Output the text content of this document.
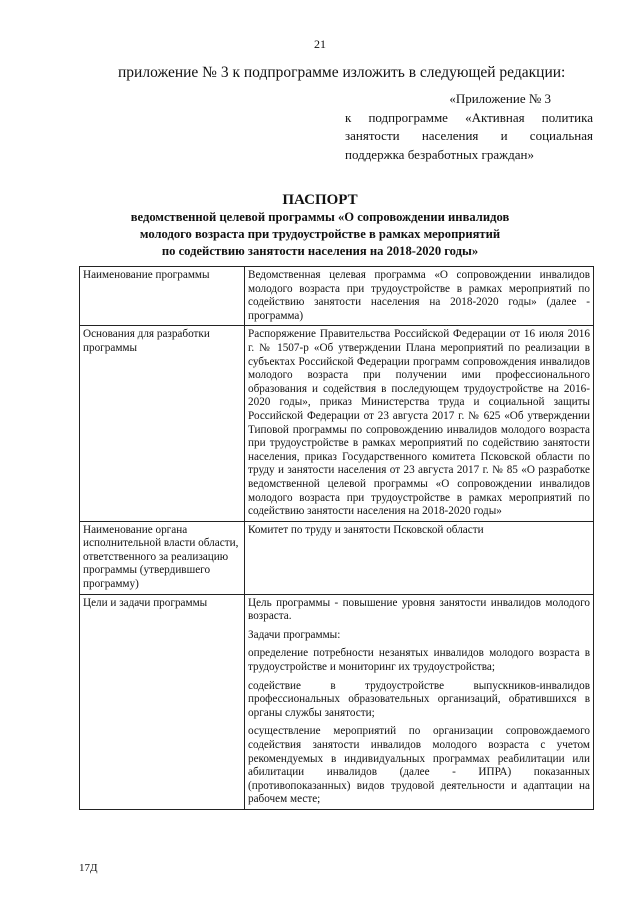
21
приложение № 3 к подпрограмме изложить в следующей редакции:
«Приложение № 3
к подпрограмме «Активная политика
занятости населения и социальная
поддержка безработных граждан»
ПАСПОРТ
ведомственной целевой программы «О сопровождении инвалидов
молодого возраста при трудоустройстве в рамках мероприятий
по содействию занятости населения на 2018-2020 годы»
Наименование программы	Ведомственная целевая программа «О сопровождении инвалидов молодого возраста при трудоустройстве в рамках мероприятий по содействию занятости населения на 2018-2020 годы» (далее - программа)
Основания для разработки программы	Распоряжение Правительства Российской Федерации от 16 июля 2016 г. № 1507-р «Об утверждении Плана мероприятий по реализации в субъектах Российской Федерации программ сопровождения инвалидов молодого возраста при получении ими профессионального образования и содействия в последующем трудоустройстве на 2016-2020 годы», приказ Министерства труда и социальной защиты Российской Федерации от 23 августа 2017 г. № 625 «Об утверждении Типовой программы по сопровождению инвалидов молодого возраста при трудоустройстве в рамках мероприятий по содействию занятости населения, приказ Государственного комитета Псковской области по труду и занятости населения от 23 августа 2017 г. № 85 «О разработке ведомственной целевой программы «О сопровождении инвалидов молодого возраста при трудоустройстве в рамках мероприятий по содействию занятости населения на 2018-2020 годы»
Наименование органа исполнительной власти области, ответственного за реализацию программы (утвердившего программу)	Комитет по труду и занятости Псковской области
Цели и задачи программы	Цель программы - повышение уровня занятости инвалидов молодого возраста.

Задачи программы:

определение потребности незанятых инвалидов молодого возраста в трудоустройстве и мониторинг их трудоустройства;

содействие в трудоустройстве выпускников-инвалидов профессиональных образовательных организаций, обратившихся в органы службы занятости;

осуществление мероприятий по организации сопровождаемого содействия занятости инвалидов молодого возраста с учетом рекомендуемых в индивидуальных программах реабилитации или абилитации инвалидов (далее - ИПРА) показанных (противопоказанных) видов трудовой деятельности и адаптации на рабочем месте;

17Д
